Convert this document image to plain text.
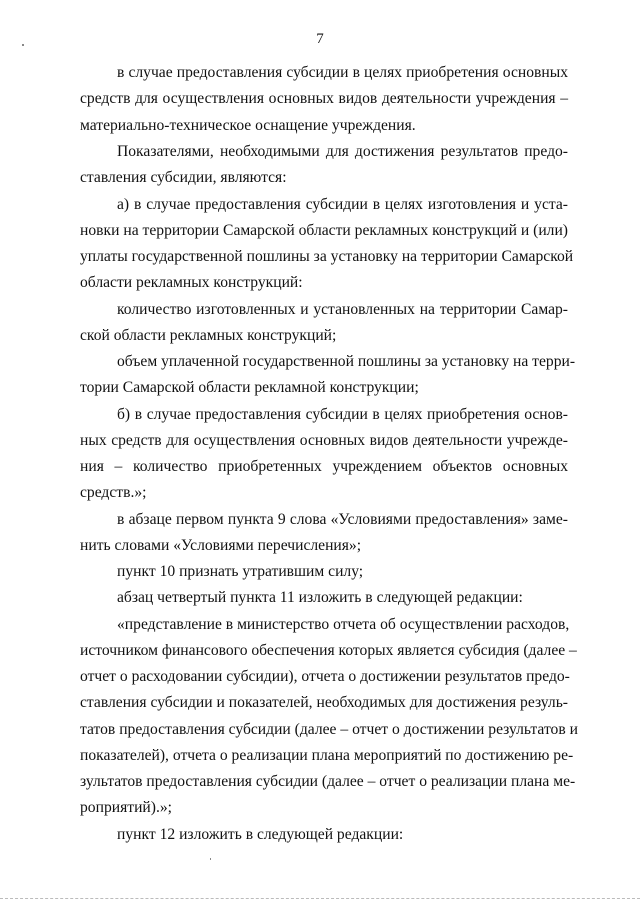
7
в случае предоставления субсидии в целях приобретения основных
средств для осуществления основных видов деятельности учреждения –
материально-техническое оснащение учреждения.
Показателями, необходимыми для достижения результатов предо-
ставления субсидии, являются:
а) в случае предоставления субсидии в целях изготовления и уста-
новки на территории Самарской области рекламных конструкций и (или)
уплаты государственной пошлины за установку на территории Самарской
области рекламных конструкций:
количество изготовленных и установленных на территории Самар-
ской области рекламных конструкций;
объем уплаченной государственной пошлины за установку на терри-
тории Самарской области рекламной конструкции;
б) в случае предоставления субсидии в целях приобретения основ-
ных средств для осуществления основных видов деятельности учрежде-
ния – количество приобретенных учреждением объектов основных
средств.»;
в абзаце первом пункта 9 слова «Условиями предоставления» заме-
нить словами «Условиями перечисления»;
пункт 10 признать утратившим силу;
абзац четвертый пункта 11 изложить в следующей редакции:
«представление в министерство отчета об осуществлении расходов,
источником финансового обеспечения которых является субсидия (далее –
отчет о расходовании субсидии), отчета о достижении результатов предо-
ставления субсидии и показателей, необходимых для достижения резуль-
татов предоставления субсидии (далее – отчет о достижении результатов и
показателей), отчета о реализации плана мероприятий по достижению ре-
зультатов предоставления субсидии (далее – отчет о реализации плана ме-
роприятий).»;
пункт 12 изложить в следующей редакции:
